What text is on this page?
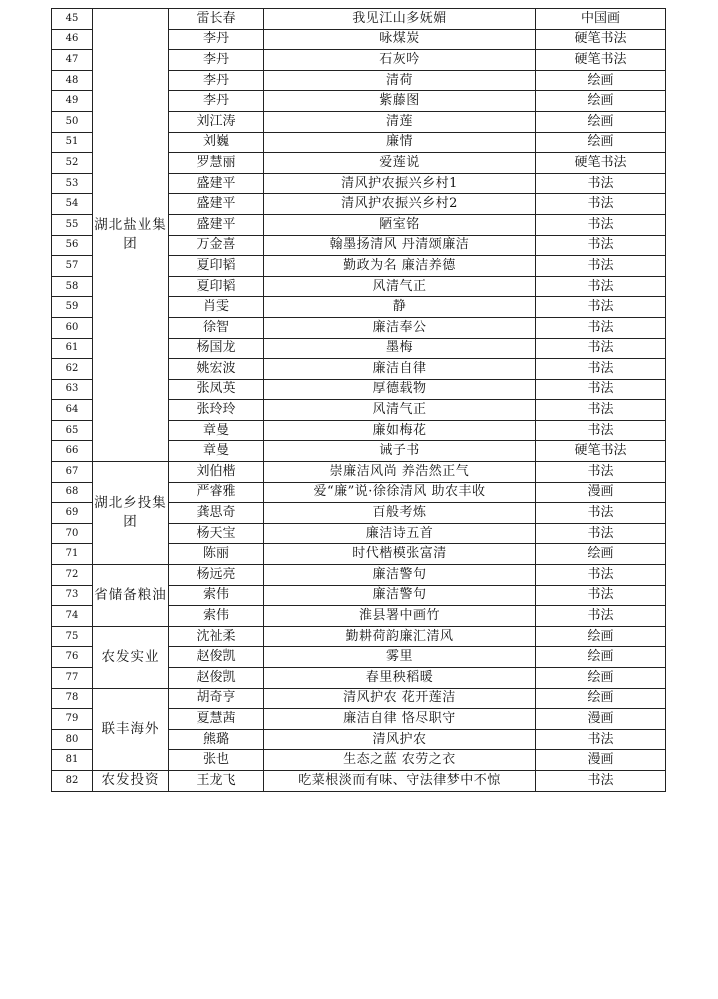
45	湖北盐业集团	雷长春	我见江山多妩媚	中国画
46		李丹	咏煤炭	硬笔书法
47		李丹	石灰吟	硬笔书法
48		李丹	清荷	绘画
49		李丹	紫藤图	绘画
50		刘江涛	清莲	绘画
51		刘巍	廉情	绘画
52		罗慧丽	爱莲说	硬笔书法
53		盛建平	清风护农振兴乡村1	书法
54		盛建平	清风护农振兴乡村2	书法
55		盛建平	陋室铭	书法
56		万金喜	翰墨扬清风 丹清颂廉洁	书法
57		夏印韬	勤政为名 廉洁养德	书法
58		夏印韬	风清气正	书法
59		肖雯	静	书法
60		徐智	廉洁奉公	书法
61		杨国龙	墨梅	书法
62		姚宏波	廉洁自律	书法
63		张凤英	厚德载物	书法
64		张玲玲	风清气正	书法
65		章曼	廉如梅花	书法
66		章曼	诫子书	硬笔书法
67	湖北乡投集团	刘伯楷	崇廉洁风尚 养浩然正气	书法
68		严睿雅	爱“廉”说·徐徐清风 助农丰收	漫画
69		龚思奇	百般考炼	书法
70		杨天宝	廉洁诗五首	书法
71		陈丽	时代楷模张富清	绘画
72	省储备粮油	杨远亮	廉洁警句	书法
73		索伟	廉洁警句	书法
74		索伟	淮县署中画竹	书法
75	农发实业	沈祉柔	勤耕荷韵廉汇清风	绘画
76		赵俊凯	雾里	绘画
77		赵俊凯	春里秧稻暖	绘画
78	联丰海外	胡奇亨	清风护农 花开莲洁	绘画
79		夏慧茜	廉洁自律 恪尽职守	漫画
80		熊璐	清风护农	书法
81		张也	生态之蓝 农劳之衣	漫画
82	农发投资	王龙飞	吃菜根淡而有味、守法律梦中不惊	书法
